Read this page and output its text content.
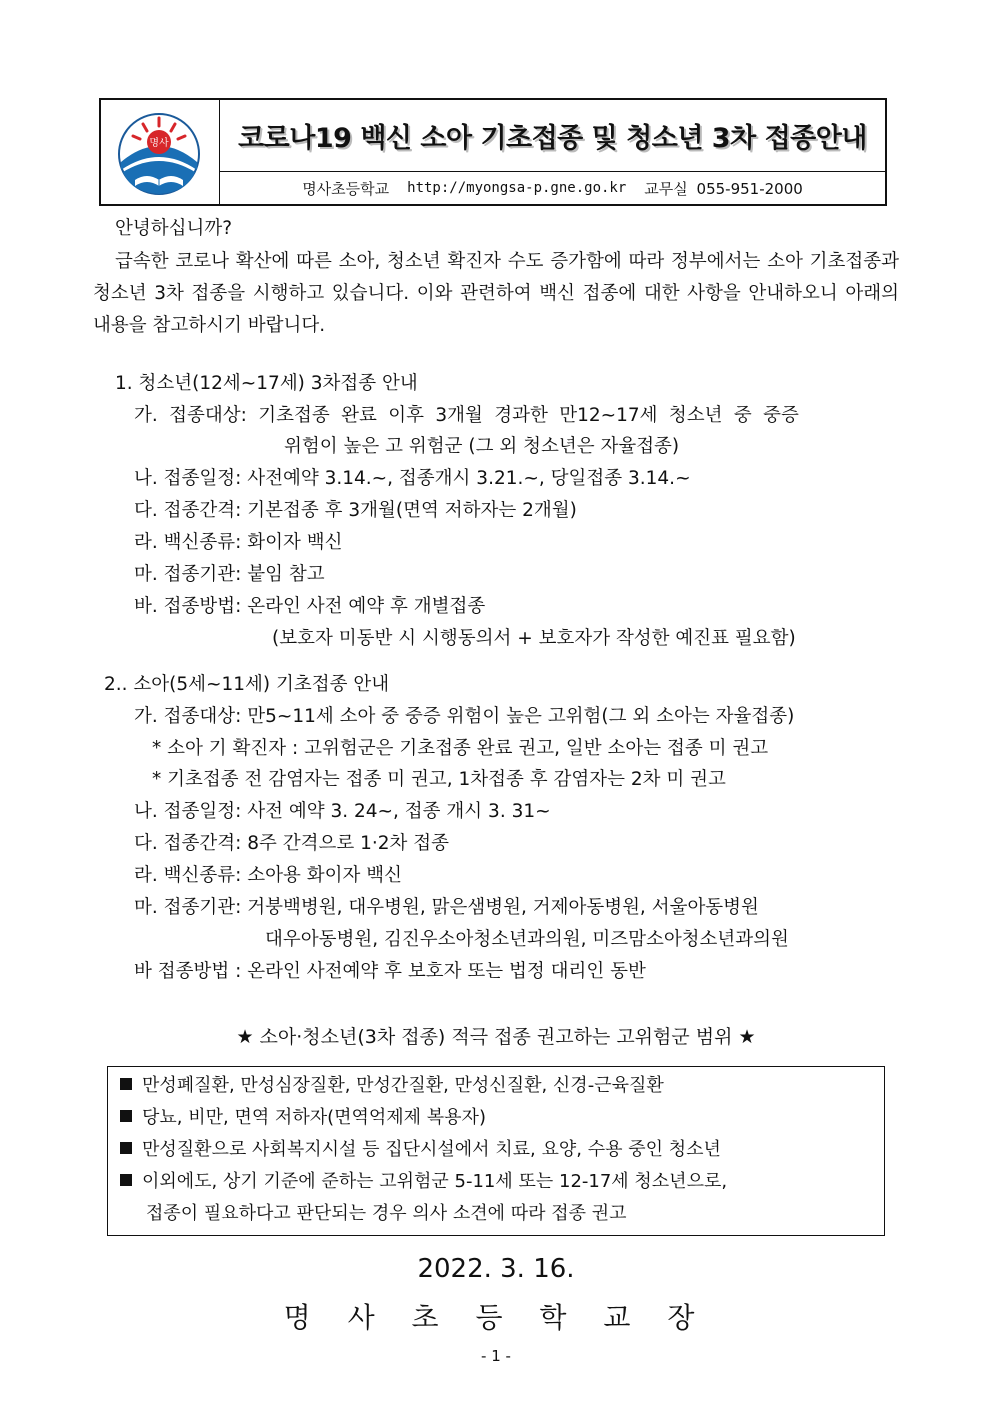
명사	코로나19 백신 소아 기초접종 및 청소년 3차 접종안내
명사초등학교 http://myongsa-p.gne.go.kr 교무실 055-951-2000
안녕하십니까?
급속한 코로나 확산에 따른 소아, 청소년 확진자 수도 증가함에 따라 정부에서는 소아 기초접종과 청소년 3차 접종을 시행하고 있습니다. 이와 관련하여 백신 접종에 대한 사항을 안내하오니 아래의 내용을 참고하시기 바랍니다.
1. 청소년(12세~17세) 3차접종 안내
가. 접종대상: 기초접종 완료 이후 3개월 경과한 만12~17세 청소년 중 중증
위험이 높은 고 위험군 (그 외 청소년은 자율접종)
나. 접종일정: 사전예약 3.14.~, 접종개시 3.21.~, 당일접종 3.14.~
다. 접종간격: 기본접종 후 3개월(면역 저하자는 2개월)
라. 백신종류: 화이자 백신
마. 접종기관: 붙임 참고
바. 접종방법: 온라인 사전 예약 후 개별접종
(보호자 미동반 시 시행동의서 + 보호자가 작성한 예진표 필요함)
2.. 소아(5세~11세) 기초접종 안내
가. 접종대상: 만5~11세 소아 중 중증 위험이 높은 고위험(그 외 소아는 자율접종)
* 소아 기 확진자 : 고위험군은 기초접종 완료 권고, 일반 소아는 접종 미 권고
* 기초접종 전 감염자는 접종 미 권고, 1차접종 후 감염자는 2차 미 권고
나. 접종일정: 사전 예약 3. 24~, 접종 개시 3. 31~
다. 접종간격: 8주 간격으로 1·2차 접종
라. 백신종류: 소아용 화이자 백신
마. 접종기관: 거붕백병원, 대우병원, 맑은샘병원, 거제아동병원, 서울아동병원
대우아동병원, 김진우소아청소년과의원, 미즈맘소아청소년과의원
바 접종방법 : 온라인 사전예약 후 보호자 또는 법정 대리인 동반
★ 소아·청소년(3차 접종) 적극 접종 권고하는 고위험군 범위 ★
만성폐질환, 만성심장질환, 만성간질환, 만성신질환, 신경-근육질환
당뇨, 비만, 면역 저하자(면역억제제 복용자)
만성질환으로 사회복지시설 등 집단시설에서 치료, 요양, 수용 중인 청소년
이외에도, 상기 기준에 준하는 고위험군 5-11세 또는 12-17세 청소년으로,
접종이 필요하다고 판단되는 경우 의사 소견에 따라 접종 권고
2022. 3. 16.
명 사 초 등 학 교 장
- 1 -
